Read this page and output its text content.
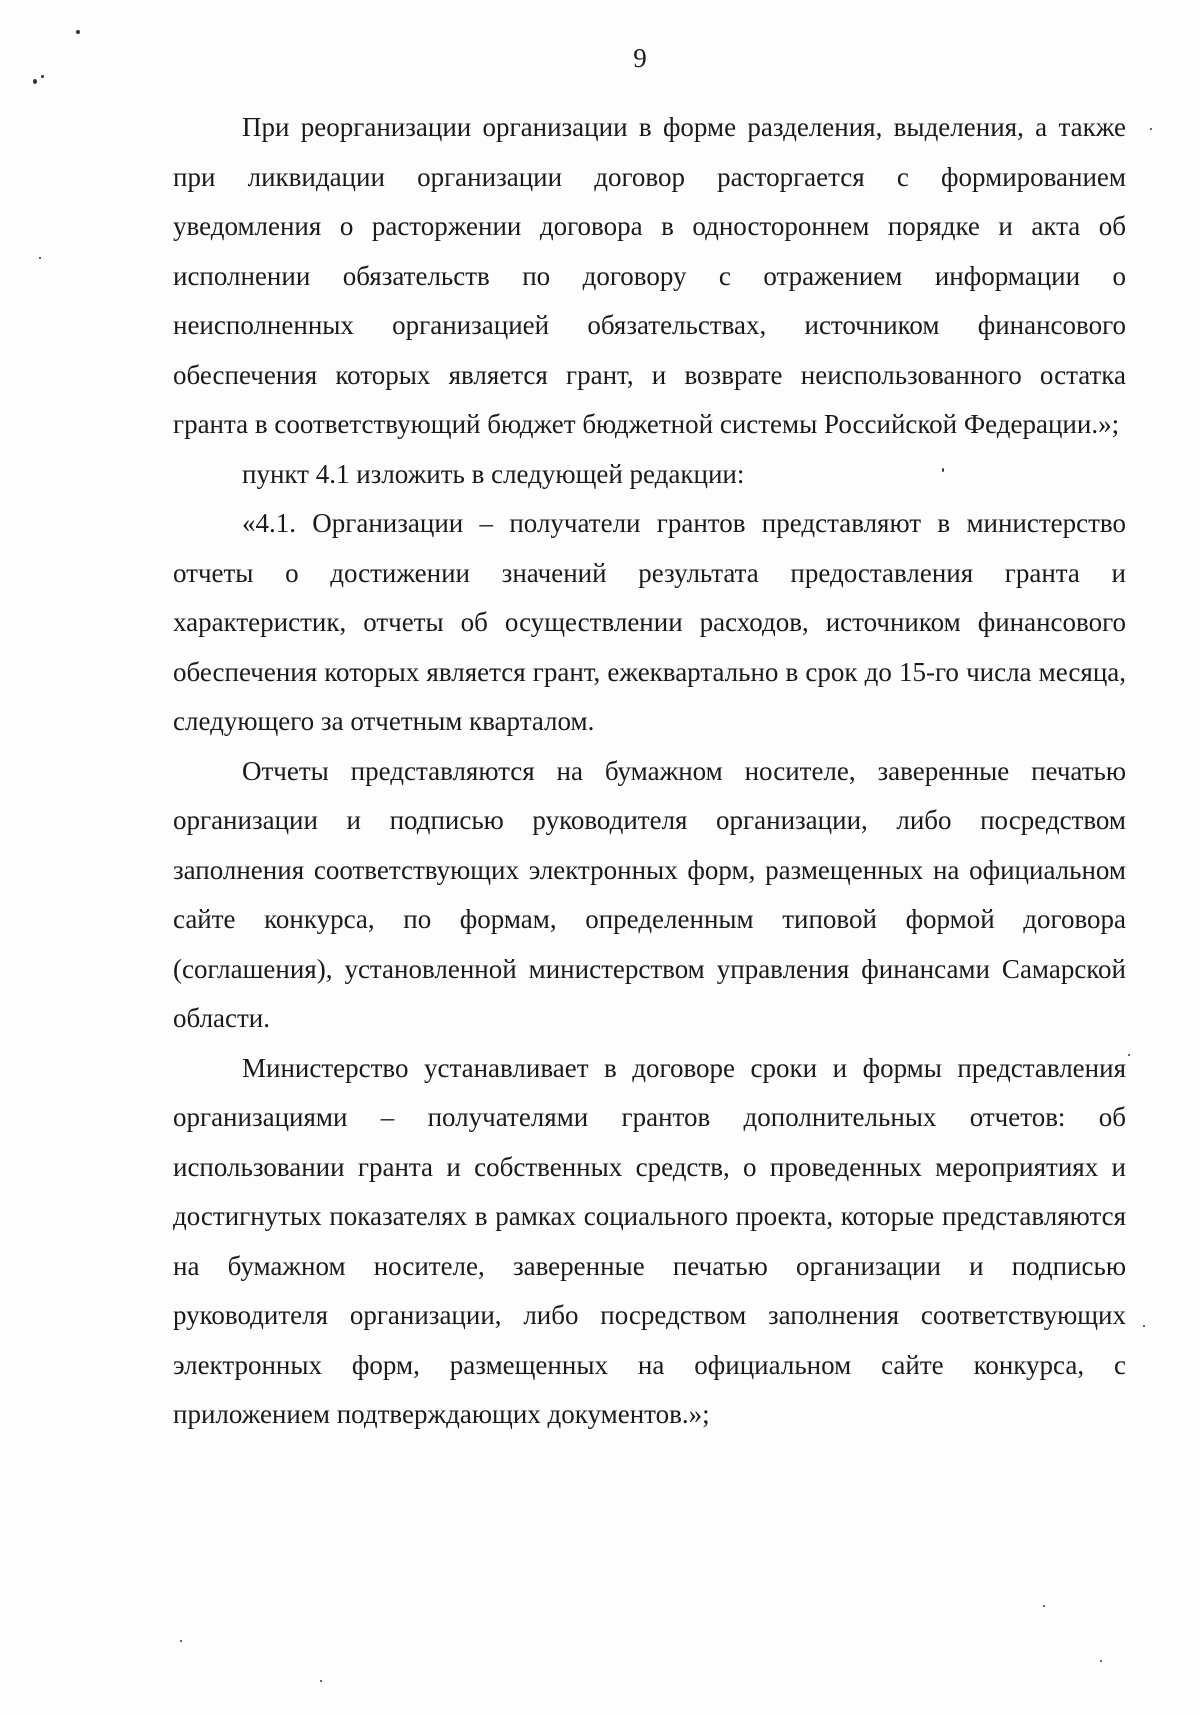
9

При реорганизации организации в форме разделения, выделения, а также при ликвидации организации договор расторгается с формированием уведомления о расторжении договора в одностороннем порядке и акта об исполнении обязательств по договору с отражением информации о неисполненных организацией обязательствах, источником финансового обеспечения которых является грант, и возврате неиспользованного остатка гранта в соответствующий бюджет бюджетной системы Российской Федерации.»;

пункт 4.1 изложить в следующей редакции:

«4.1. Организации – получатели грантов представляют в министерство отчеты о достижении значений результата предоставления гранта и характеристик, отчеты об осуществлении расходов, источником финансового обеспечения которых является грант, ежеквартально в срок до 15-го числа месяца, следующего за отчетным кварталом.

Отчеты представляются на бумажном носителе, заверенные печатью организации и подписью руководителя организации, либо посредством заполнения соответствующих электронных форм, размещенных на официальном сайте конкурса, по формам, определенным типовой формой договора (соглашения), установленной министерством управления финансами Самарской области.

Министерство устанавливает в договоре сроки и формы представления организациями – получателями грантов дополнительных отчетов: об использовании гранта и собственных средств, о проведенных мероприятиях и достигнутых показателях в рамках социального проекта, которые представляются на бумажном носителе, заверенные печатью организации и подписью руководителя организации, либо посредством заполнения соответствующих электронных форм, размещенных на официальном сайте конкурса, с приложением подтверждающих документов.»;
